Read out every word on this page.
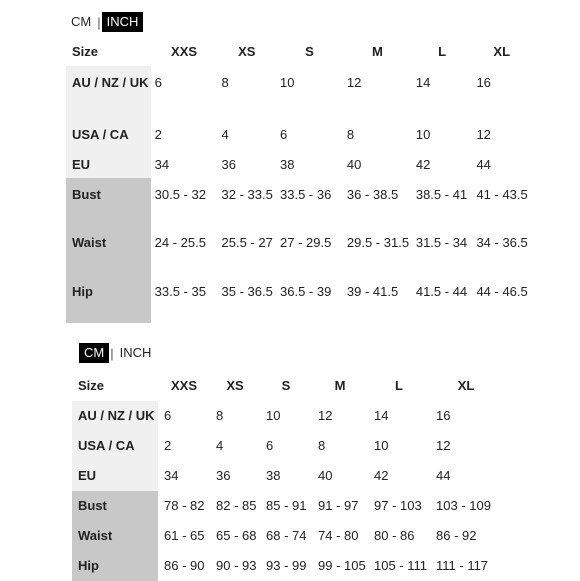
CM | INCH
Size	XXS	XS	S	M	L	XL
AU / NZ / UK	6	8	10	12	14	16
USA / CA	2	4	6	8	10	12
EU	34	36	38	40	42	44
Bust	30.5 - 32	32 - 33.5	33.5 - 36	36 - 38.5	38.5 - 41	41 - 43.5
Waist	24 - 25.5	25.5 - 27	27 - 29.5	29.5 - 31.5	31.5 - 34	34 - 36.5
Hip	33.5 - 35	35 - 36.5	36.5 - 39	39 - 41.5	41.5 - 44	44 - 46.5
CM | INCH
Size	XXS	XS	S	M	L	XL
AU / NZ / UK	6	8	10	12	14	16
USA / CA	2	4	6	8	10	12
EU	34	36	38	40	42	44
Bust	78 - 82	82 - 85	85 - 91	91 - 97	97 - 103	103 - 109
Waist	61 - 65	65 - 68	68 - 74	74 - 80	80 - 86	86 - 92
Hip	86 - 90	90 - 93	93 - 99	99 - 105	105 - 111	111 - 117
